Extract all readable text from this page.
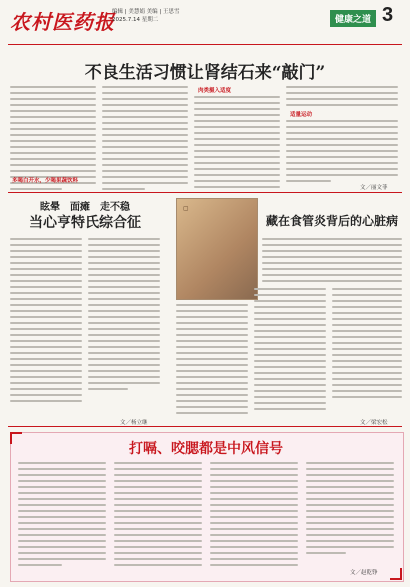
农村医药报
编辑 | 美慧娟 美编 | 王思雪
2025.7.14 星期二	健康之道 3
不良生活习惯让肾结石来“敲门”
肉类摄入适度
适量运动
多喝白开水，少喝果蔬饮料
文／丽文菲
眩晕　面瘫　走不稳
当心亨特氏综合征
文／杨立继
▢
藏在食管炎背后的心脏病
文／梁宏松
打嗝、咬腮都是中风信号
文／赵乾铮
